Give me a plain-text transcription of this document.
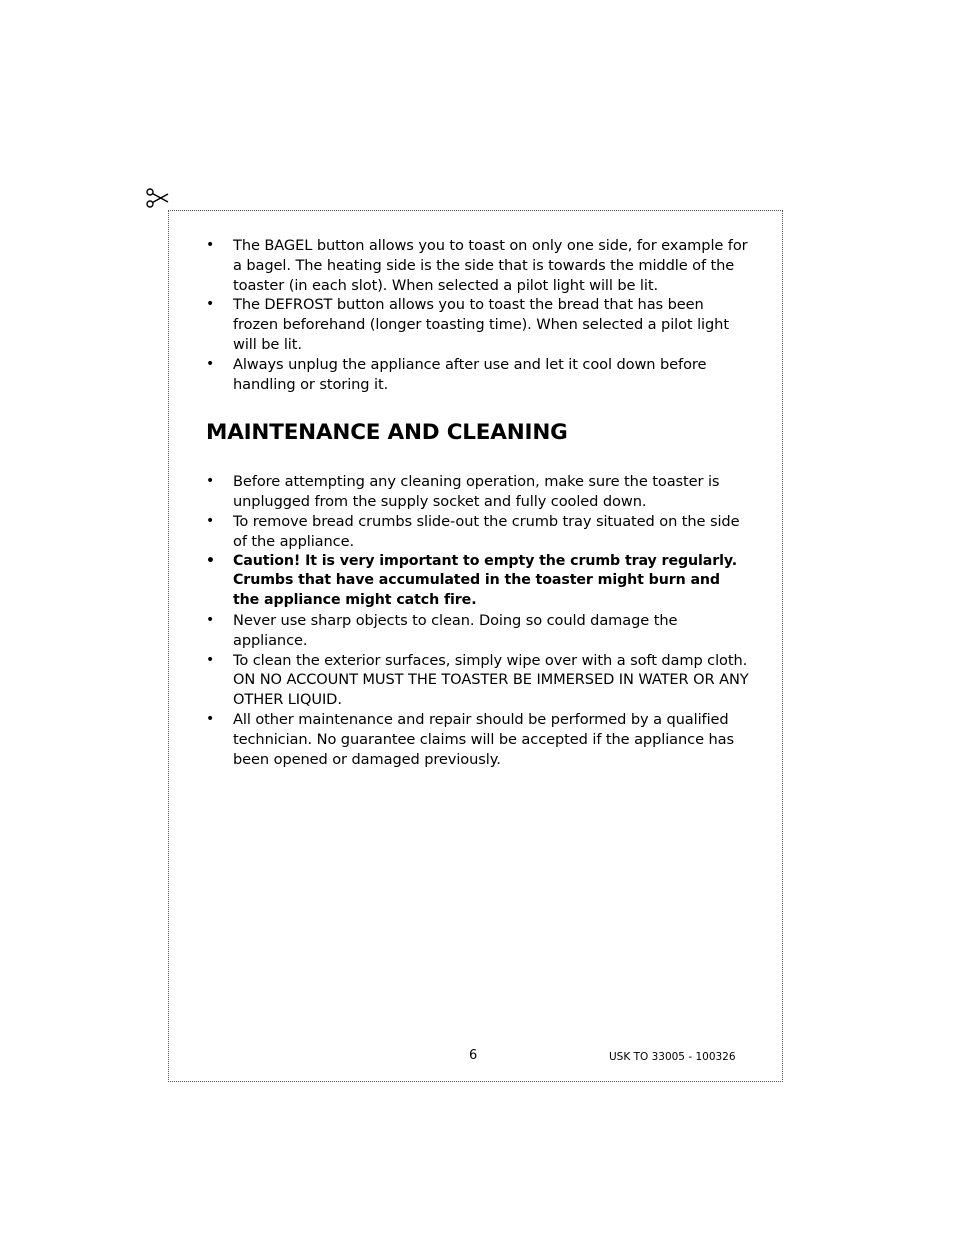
• The BAGEL button allows you to toast on only one side, for example for a bagel. The heating side is the side that is towards the middle of the toaster (in each slot). When selected a pilot light will be lit.
• The DEFROST button allows you to toast the bread that has been frozen beforehand (longer toasting time). When selected a pilot light will be lit.
• Always unplug the appliance after use and let it cool down before handling or storing it.
MAINTENANCE AND CLEANING
• Before attempting any cleaning operation, make sure the toaster is unplugged from the supply socket and fully cooled down.
• To remove bread crumbs slide-out the crumb tray situated on the side of the appliance.
• Caution! It is very important to empty the crumb tray regularly. Crumbs that have accumulated in the toaster might burn and the appliance might catch fire.
• Never use sharp objects to clean. Doing so could damage the appliance.
• To clean the exterior surfaces, simply wipe over with a soft damp cloth. ON NO ACCOUNT MUST THE TOASTER BE IMMERSED IN WATER OR ANY OTHER LIQUID.
• All other maintenance and repair should be performed by a qualified technician. No guarantee claims will be accepted if the appliance has been opened or damaged previously.
6	USK TO 33005 - 100326
